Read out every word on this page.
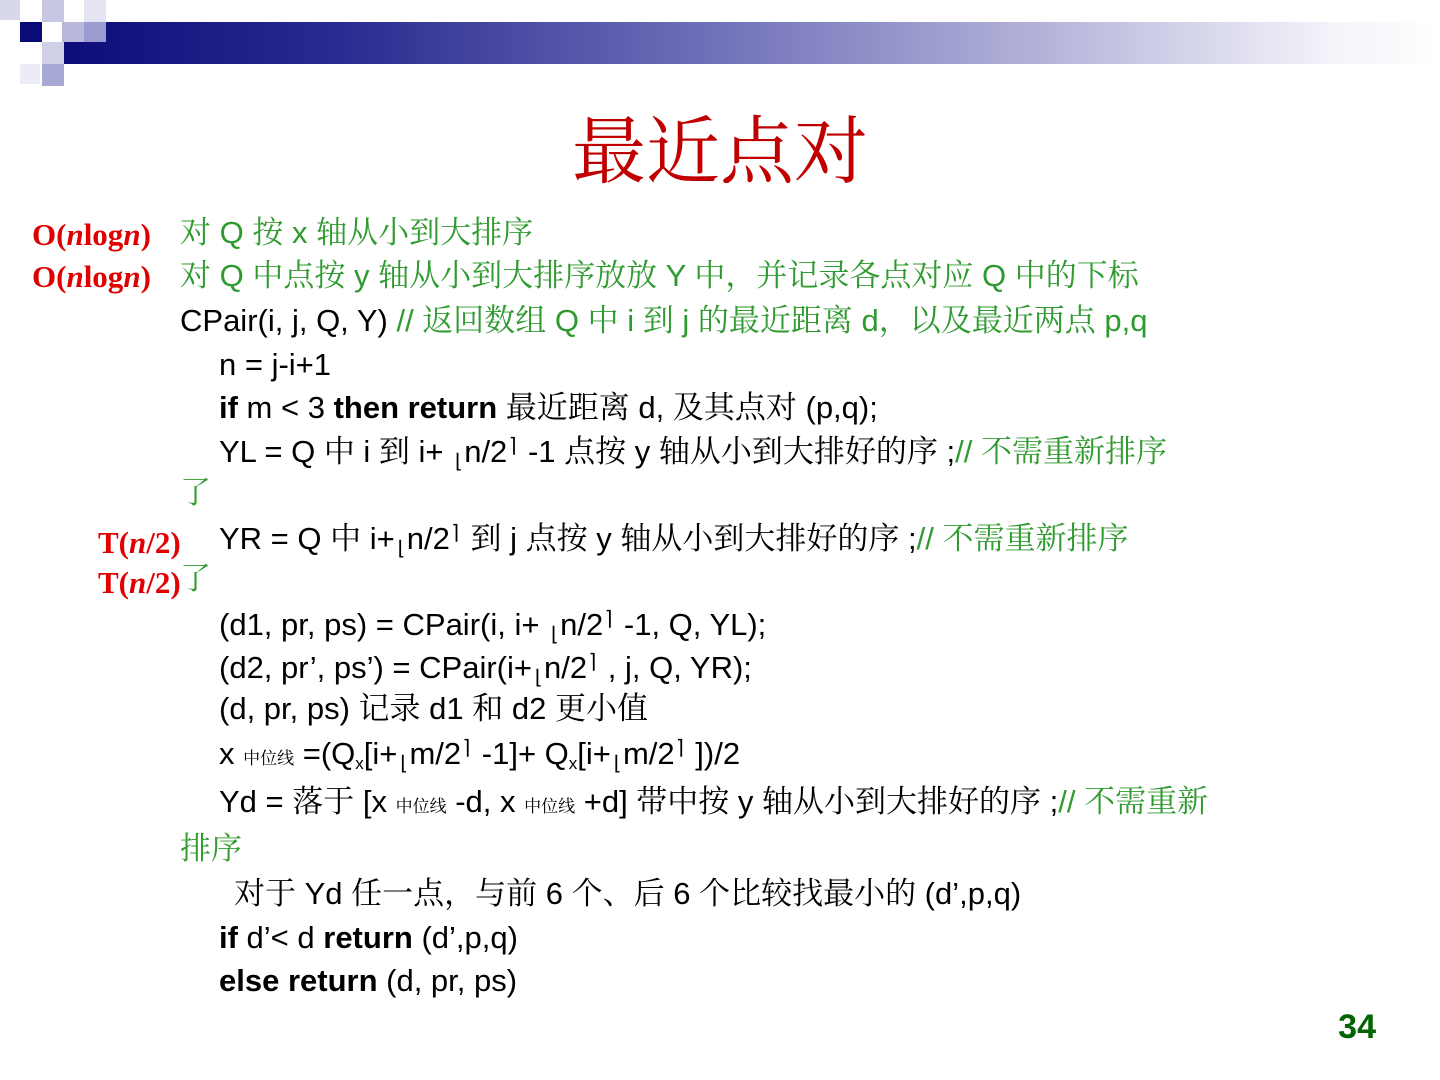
最近点对
O(nlogn)
O(nlogn)
T(n/2)
T(n/2)
对 Q 按 x 轴从小到大排序
对 Q 中点按 y 轴从小到大排序放放 Y 中，并记录各点对应 Q 中的下标
CPair(i, j, Q, Y) // 返回数组 Q 中 i 到 j 的最近距离 d，以及最近两点 p,q
n = j-i+1
if m < 3 then return 最近距离 d, 及其点对 (p,q);
YL = Q 中 i 到 i+ ⌊n/2⌉ -1 点按 y 轴从小到大排好的序 ;// 不需重新排序
了
YR = Q 中 i+⌊n/2⌉ 到 j 点按 y 轴从小到大排好的序 ;// 不需重新排序
了
(d1, pr, ps) = CPair(i, i+ ⌊n/2⌉ -1, Q, YL);
(d2, pr’, ps’) = CPair(i+⌊n/2⌉ , j, Q, YR);
(d, pr, ps) 记录 d1 和 d2 更小值
x 中位线 $=(Q_x[i+⌊m/2^⌉$ $-1]+ Q_x[i+⌊m/2^⌉$ ])/2
Yd = 落于 [x 中位线 -d, x 中位线 +d] 带中按 y 轴从小到大排好的序 ;// 不需重新
排序
对于 Yd 任一点，与前 6 个、后 6 个比较找最小的 (d’,p,q)
if d’< d return (d’,p,q)
else return (d, pr, ps)
34
